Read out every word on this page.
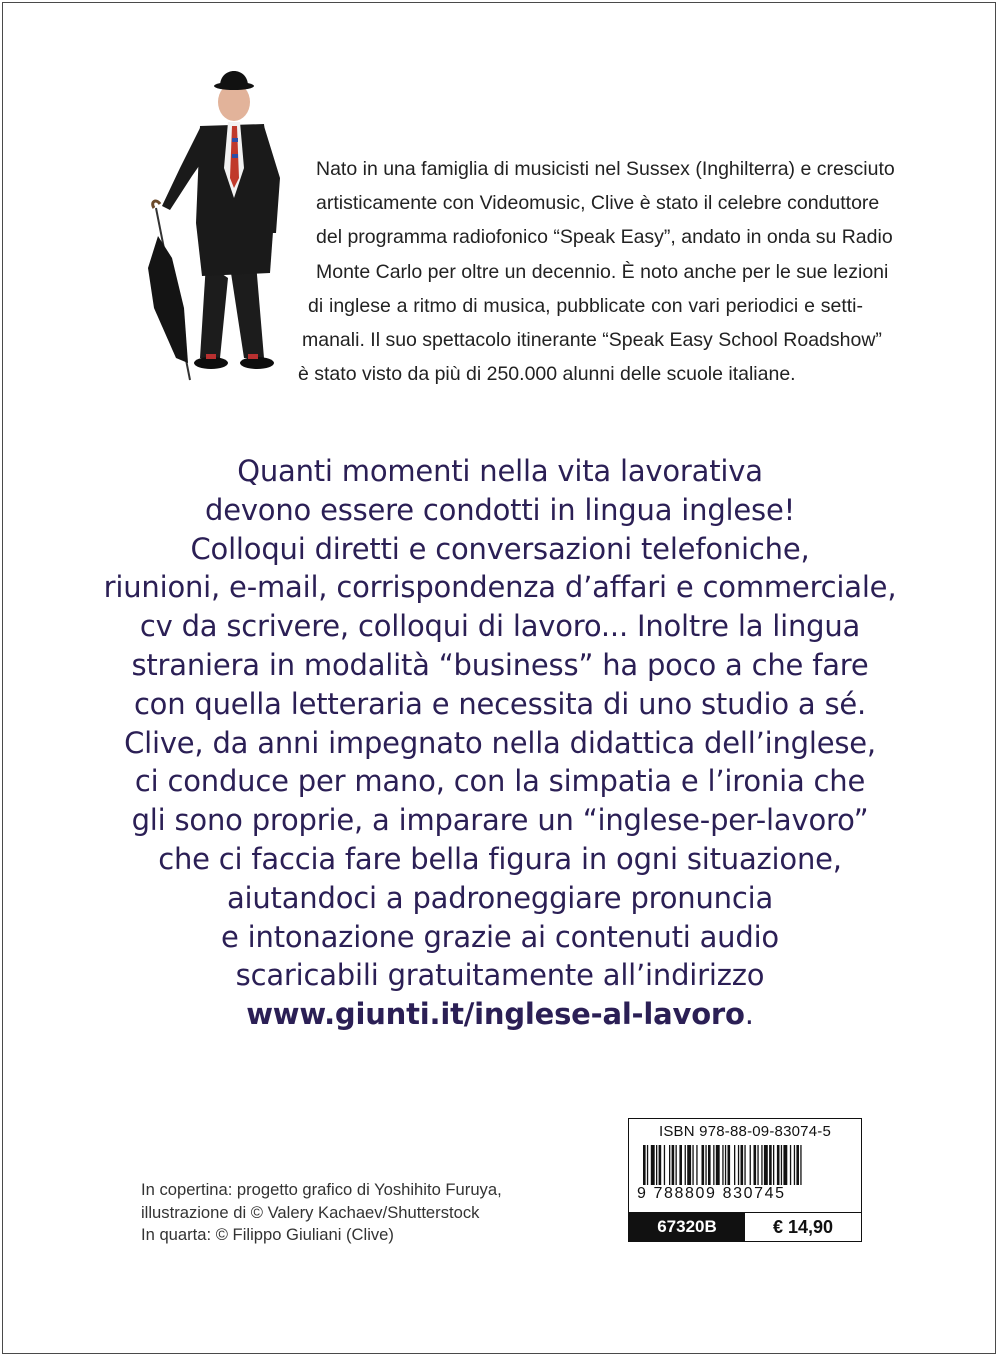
Nato in una famiglia di musicisti nel Sussex (Inghilterra) e cresciuto
artisticamente con Videomusic, Clive è stato il celebre conduttore
del programma radiofonico “Speak Easy”, andato in onda su Radio
Monte Carlo per oltre un decennio. È noto anche per le sue lezioni
di inglese a ritmo di musica, pubblicate con vari periodici e setti-
manali. Il suo spettacolo itinerante “Speak Easy School Roadshow”
è stato visto da più di 250.000 alunni delle scuole italiane.
Quanti momenti nella vita lavorativa
devono essere condotti in lingua inglese!
Colloqui diretti e conversazioni telefoniche,
riunioni, e-mail, corrispondenza d’affari e commerciale,
cv da scrivere, colloqui di lavoro... Inoltre la lingua
straniera in modalità “business” ha poco a che fare
con quella letteraria e necessita di uno studio a sé.
Clive, da anni impegnato nella didattica dell’inglese,
ci conduce per mano, con la simpatia e l’ironia che
gli sono proprie, a imparare un “inglese-per-lavoro”
che ci faccia fare bella figura in ogni situazione,
aiutandoci a padroneggiare pronuncia
e intonazione grazie ai contenuti audio
scaricabili gratuitamente all’indirizzo
www.giunti.it/inglese-al-lavoro.
In copertina: progetto grafico di Yoshihito Furuya,
illustrazione di © Valery Kachaev/Shutterstock
In quarta: © Filippo Giuliani (Clive)
ISBN 978-88-09-83074-5
9 788809 830745
67320B	€ 14,90
